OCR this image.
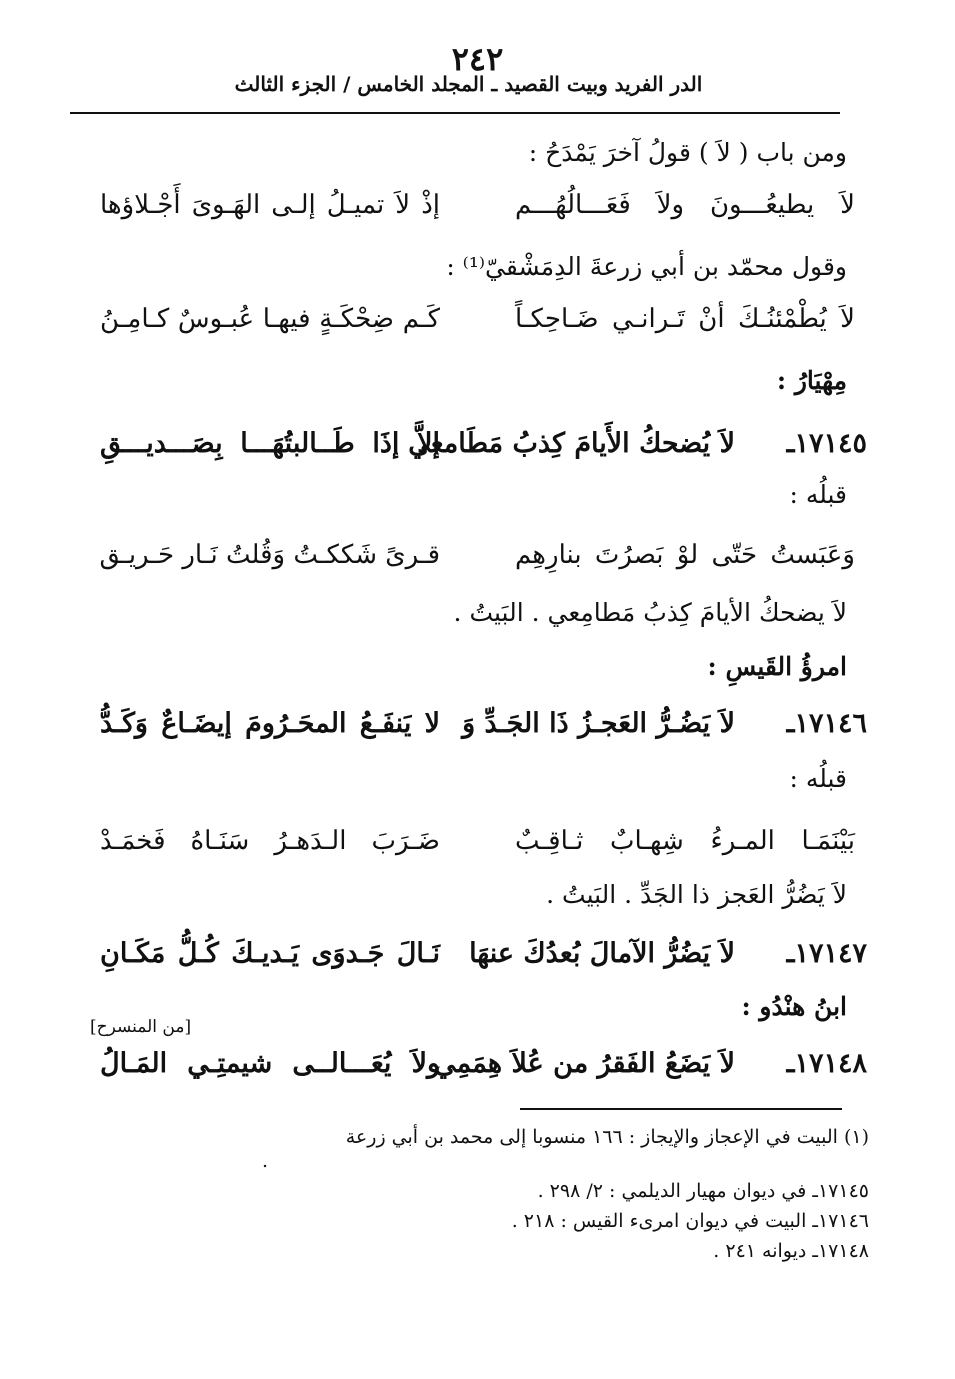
٢٤٢
الدر الفريد وبيت القصيد ـ المجلد الخامس / الجزء الثالث
ومن باب ( لاَ ) قولُ آخرَ يَمْدَحُ :
لاَ يطيعُـــونَ ولاَ فَعَـــالُهُـــم
إذْ لاَ تميـلُ إلـى الهَـوىَ أَجْـلاؤها
وقول محمّد بن أبي زرعةَ الدِمَشْقيّ⁽¹⁾ :
لاَ يُطْمْئنُـكَ أنْ تَـرانـي ضَـاحِكـاً
كَـم ضِحْكَـةٍ فيهـا عُبـوسٌ كـامِـنُ
مِهْيَارُ :
١٧١٤٥ـ
لاَ يُضحكُ الأَيامَ كِذبُ مَطَامعي
إلاَّ إذَا طَــالبتُهَـــا بِصَـــديـــقِ
قبلُه :
وَعَبَستُ حَتّى لوْ بَصرُتَ بنارِهِم
قـرىً شَككـتُ وَقُلتُ نَـار حَـريـق
لاَ يضحكُ الأيامَ كِذبُ مَطامِعي . البَيتُ .
امرؤُ القَيسِ :
١٧١٤٦ـ
لاَ يَضُـرُّ العَجـزُ ذَا الجَـدِّ وَ
لا يَنفَـعُ المحَـرُومَ إيضَـاعٌ وَكَـدُّ
قبلُه :
بَيْنَمَـا المـرءُ شِهـابٌ ثـاقِـبٌ
ضَـرَبَ الـدَهـرُ سَنَـاهُ فَخمَـدْ
لاَ يَضُرُّ العَجز ذا الجَدِّ . البَيتُ .
١٧١٤٧ـ
لاَ يَضُرُّ الآمالَ بُعدُكَ عنهَا
نَـالَ جَـدوَى يَـديـكَ كُـلُّ مَكَـانِ
ابنُ هنْدُو :
[من المنسرح]
١٧١٤٨ـ
لاَ يَضَعُ الفَقرُ من عُلاَ هِمَمِي
ولاَ يُعَـــالــى شيمتِـي المَـالُ
(١) البيت في الإعجاز والإيجاز : ١٦٦ منسوبا إلى محمد بن أبي زرعة
.
١٧١٤٥ـ في ديوان مهيار الديلمي : ٢/ ٢٩٨ .
١٧١٤٦ـ البيت في ديوان امرىء القيس : ٢١٨ .
١٧١٤٨ـ ديوانه ٢٤١ .
